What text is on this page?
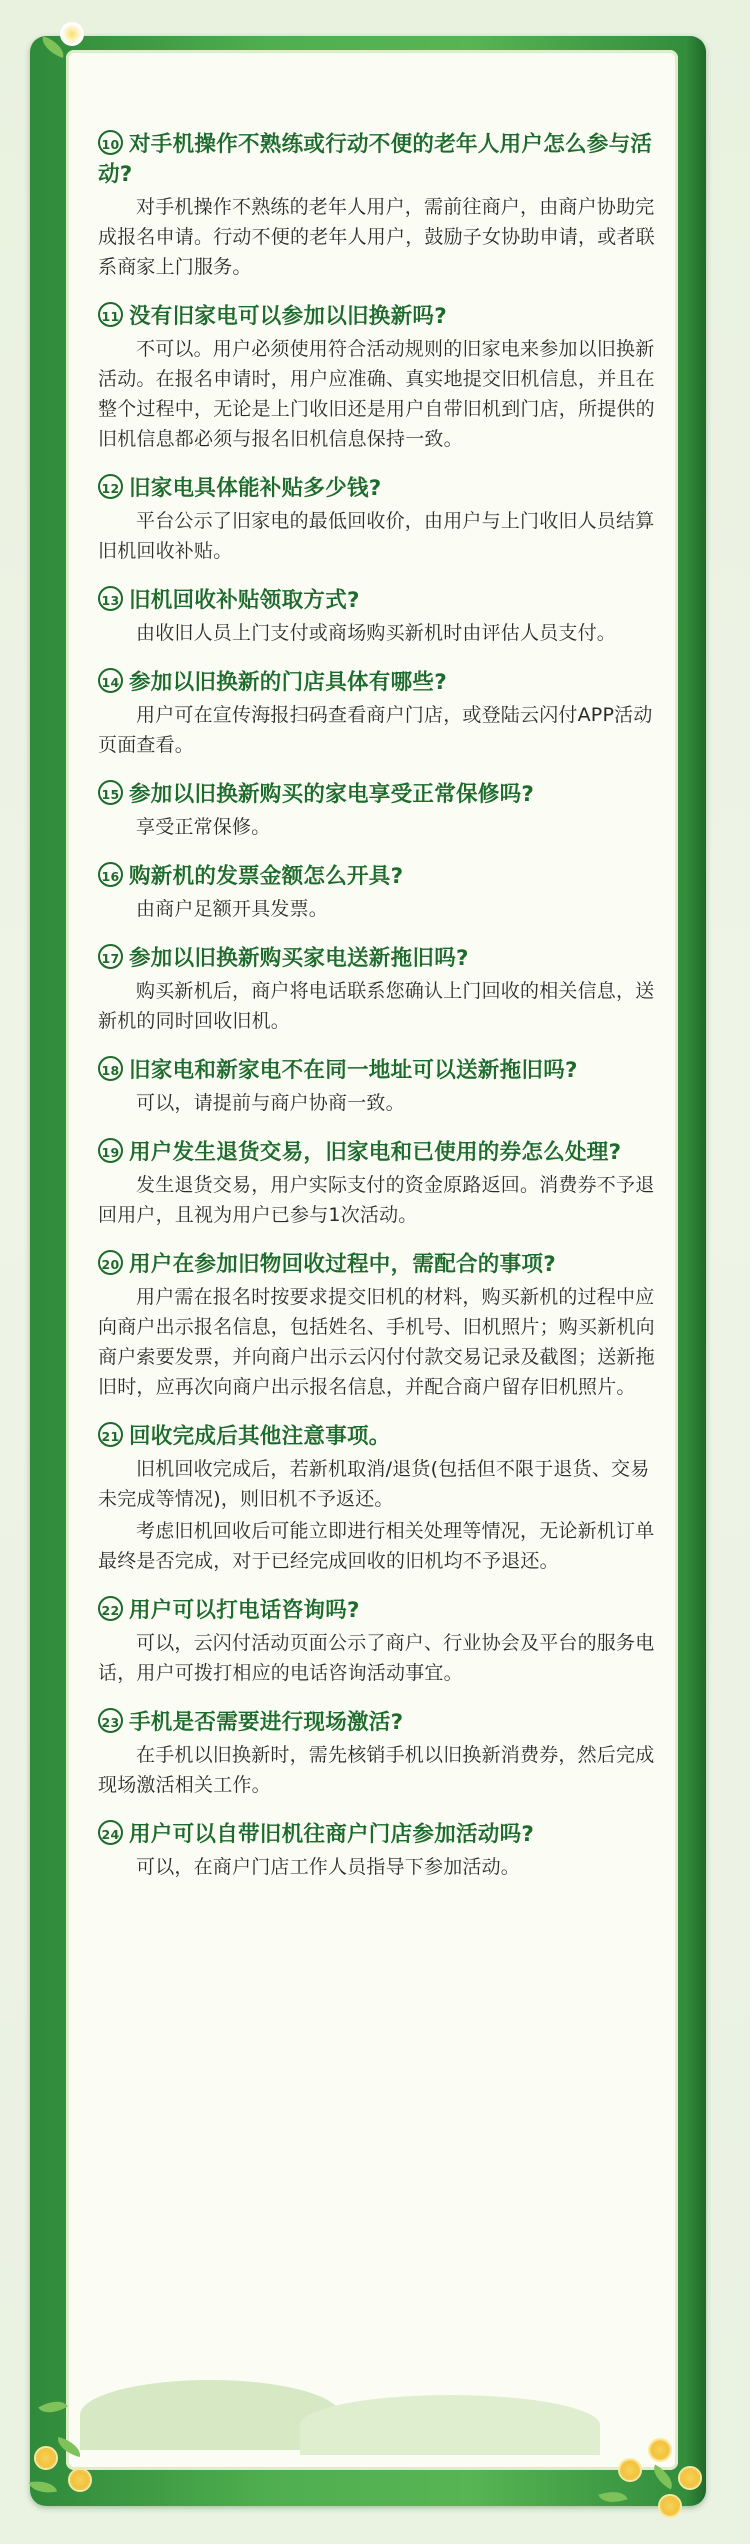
10 对手机操作不熟练或行动不便的老年人用户怎么参与活动?
对手机操作不熟练的老年人用户，需前往商户，由商户协助完成报名申请。行动不便的老年人用户，鼓励子女协助申请，或者联系商家上门服务。
11 没有旧家电可以参加以旧换新吗?
不可以。用户必须使用符合活动规则的旧家电来参加以旧换新活动。在报名申请时，用户应准确、真实地提交旧机信息，并且在整个过程中，无论是上门收旧还是用户自带旧机到门店，所提供的旧机信息都必须与报名旧机信息保持一致。
12 旧家电具体能补贴多少钱?
平台公示了旧家电的最低回收价，由用户与上门收旧人员结算旧机回收补贴。
13 旧机回收补贴领取方式?
由收旧人员上门支付或商场购买新机时由评估人员支付。
14 参加以旧换新的门店具体有哪些?
用户可在宣传海报扫码查看商户门店，或登陆云闪付APP活动页面查看。
15 参加以旧换新购买的家电享受正常保修吗?
享受正常保修。
16 购新机的发票金额怎么开具?
由商户足额开具发票。
17 参加以旧换新购买家电送新拖旧吗?
购买新机后，商户将电话联系您确认上门回收的相关信息，送新机的同时回收旧机。
18 旧家电和新家电不在同一地址可以送新拖旧吗?
可以，请提前与商户协商一致。
19 用户发生退货交易，旧家电和已使用的券怎么处理?
发生退货交易，用户实际支付的资金原路返回。消费券不予退回用户，且视为用户已参与1次活动。
20 用户在参加旧物回收过程中，需配合的事项?
用户需在报名时按要求提交旧机的材料，购买新机的过程中应向商户出示报名信息，包括姓名、手机号、旧机照片；购买新机向商户索要发票，并向商户出示云闪付付款交易记录及截图；送新拖旧时，应再次向商户出示报名信息，并配合商户留存旧机照片。
21 回收完成后其他注意事项。
旧机回收完成后，若新机取消/退货(包括但不限于退货、交易未完成等情况)，则旧机不予返还。
考虑旧机回收后可能立即进行相关处理等情况，无论新机订单最终是否完成，对于已经完成回收的旧机均不予退还。
22 用户可以打电话咨询吗?
可以，云闪付活动页面公示了商户、行业协会及平台的服务电话，用户可拨打相应的电话咨询活动事宜。
23 手机是否需要进行现场激活?
在手机以旧换新时，需先核销手机以旧换新消费券，然后完成现场激活相关工作。
24 用户可以自带旧机往商户门店参加活动吗?
可以，在商户门店工作人员指导下参加活动。
